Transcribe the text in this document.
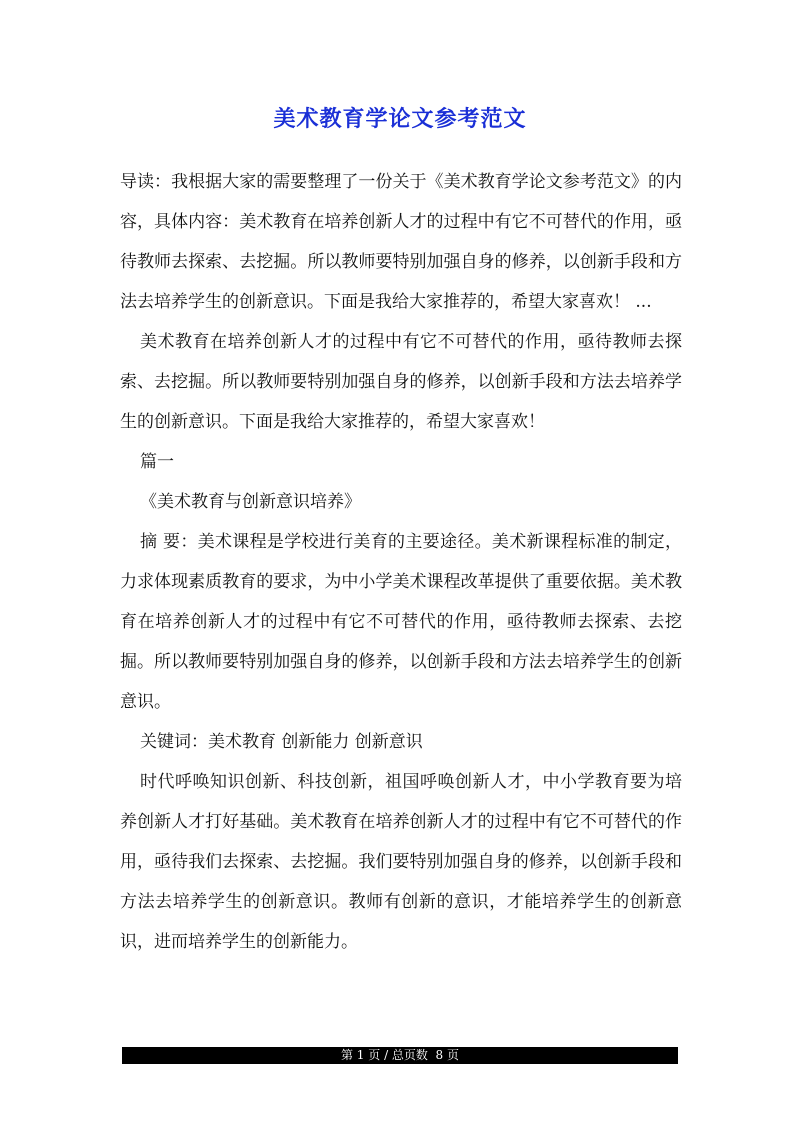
美术教育学论文参考范文

导读：我根据大家的需要整理了一份关于《美术教育学论文参考范文》的内容，具体内容：美术教育在培养创新人才的过程中有它不可替代的作用，亟待教师去探索、去挖掘。所以教师要特别加强自身的修养，以创新手段和方法去培养学生的创新意识。下面是我给大家推荐的，希望大家喜欢！ ...

美术教育在培养创新人才的过程中有它不可替代的作用，亟待教师去探索、去挖掘。所以教师要特别加强自身的修养，以创新手段和方法去培养学生的创新意识。下面是我给大家推荐的，希望大家喜欢！

篇一

《美术教育与创新意识培养》

摘 要：美术课程是学校进行美育的主要途径。美术新课程标准的制定，力求体现素质教育的要求，为中小学美术课程改革提供了重要依据。美术教育在培养创新人才的过程中有它不可替代的作用，亟待教师去探索、去挖掘。所以教师要特别加强自身的修养，以创新手段和方法去培养学生的创新意识。

关键词：美术教育 创新能力 创新意识

时代呼唤知识创新、科技创新，祖国呼唤创新人才，中小学教育要为培养创新人才打好基础。美术教育在培养创新人才的过程中有它不可替代的作用，亟待我们去探索、去挖掘。我们要特别加强自身的修养，以创新手段和方法去培养学生的创新意识。教师有创新的意识，才能培养学生的创新意识，进而培养学生的创新能力。

第 1 页 / 总页数  8 页
